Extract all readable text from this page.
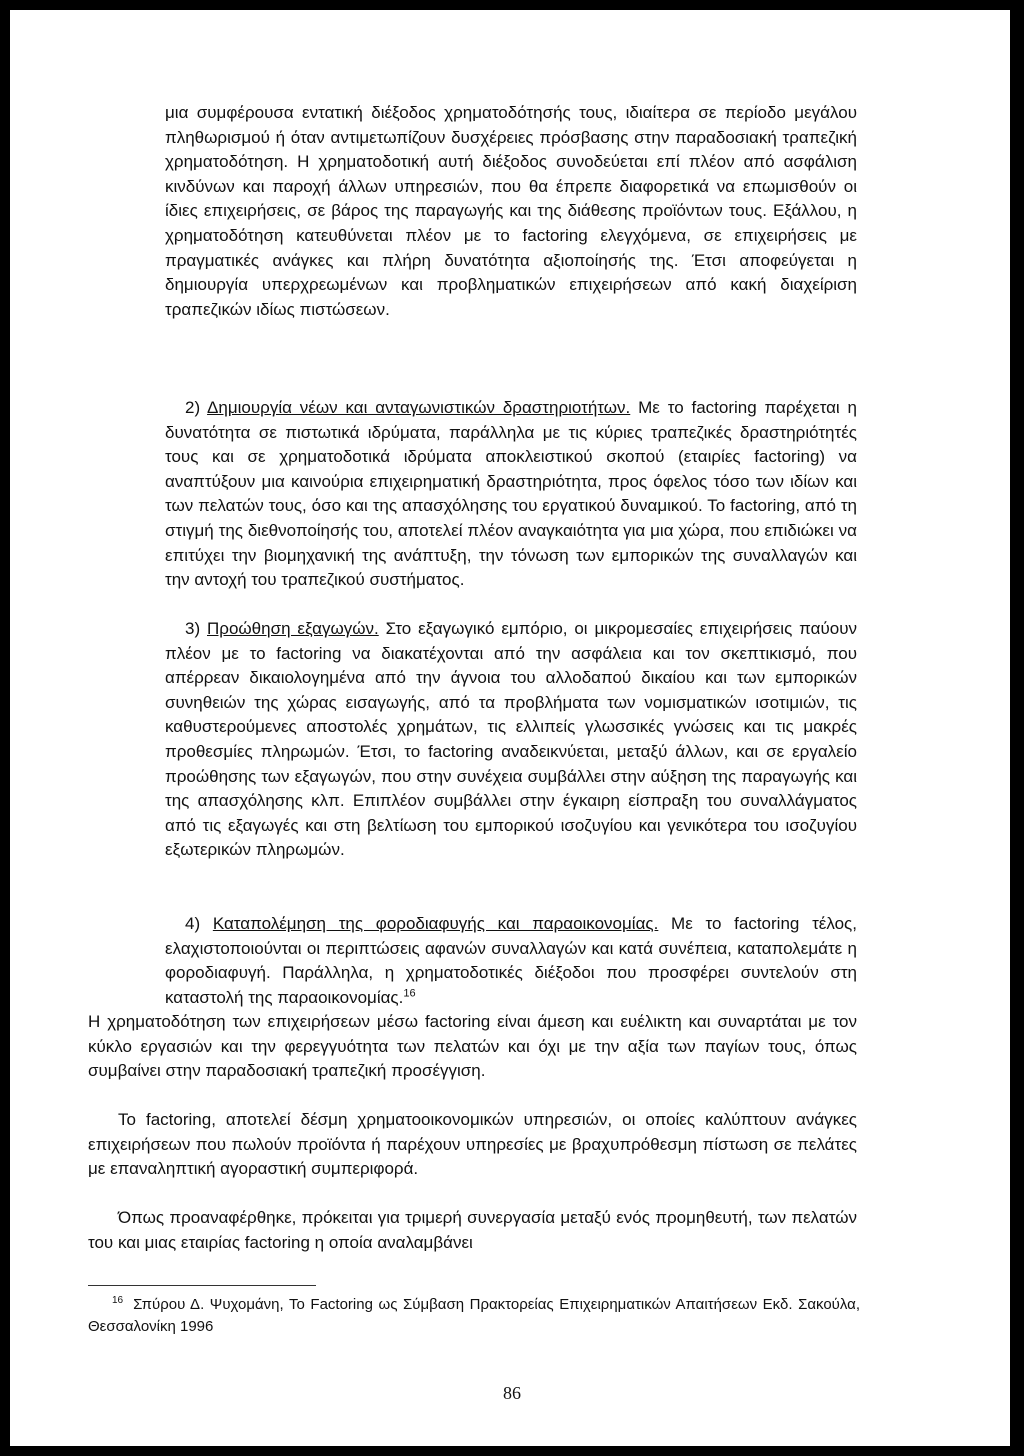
μια συμφέρουσα εντατική διέξοδος χρηματοδότησής τους, ιδιαίτερα σε περίοδο μεγάλου πληθωρισμού ή όταν αντιμετωπίζουν δυσχέρειες πρόσβασης στην παραδοσιακή τραπεζική χρηματοδότηση. Η χρηματοδοτική αυτή διέξοδος συνοδεύεται επί πλέον από ασφάλιση κινδύνων και παροχή άλλων υπηρεσιών, που θα έπρεπε διαφορετικά να επωμισθούν οι ίδιες επιχειρήσεις, σε βάρος της παραγωγής και της διάθεσης προϊόντων τους. Εξάλλου, η χρηματοδότηση κατευθύνεται πλέον με το factoring ελεγχόμενα, σε επιχειρήσεις με πραγματικές ανάγκες και πλήρη δυνατότητα αξιοποίησής της. Έτσι αποφεύγεται η δημιουργία υπερχρεωμένων και προβληματικών επιχειρήσεων από κακή διαχείριση τραπεζικών ιδίως πιστώσεων.
2) Δημιουργία νέων και ανταγωνιστικών δραστηριοτήτων. Με το factoring παρέχεται η δυνατότητα σε πιστωτικά ιδρύματα, παράλληλα με τις κύριες τραπεζικές δραστηριότητές τους και σε χρηματοδοτικά ιδρύματα αποκλειστικού σκοπού (εταιρίες factoring) να αναπτύξουν μια καινούρια επιχειρηματική δραστηριότητα, προς όφελος τόσο των ιδίων και των πελατών τους, όσο και της απασχόλησης του εργατικού δυναμικού. Το factoring, από τη στιγμή της διεθνοποίησής του, αποτελεί πλέον αναγκαιότητα για μια χώρα, που επιδιώκει να επιτύχει την βιομηχανική της ανάπτυξη, την τόνωση των εμπορικών της συναλλαγών και την αντοχή του τραπεζικού συστήματος.
3) Προώθηση εξαγωγών. Στο εξαγωγικό εμπόριο, οι μικρομεσαίες επιχειρήσεις παύουν πλέον με το factoring να διακατέχονται από την ασφάλεια και τον σκεπτικισμό, που απέρρεαν δικαιολογημένα από την άγνοια του αλλοδαπού δικαίου και των εμπορικών συνηθειών της χώρας εισαγωγής, από τα προβλήματα των νομισματικών ισοτιμιών, τις καθυστερούμενες αποστολές χρημάτων, τις ελλιπείς γλωσσικές γνώσεις και τις μακρές προθεσμίες πληρωμών. Έτσι, το factoring αναδεικνύεται, μεταξύ άλλων, και σε εργαλείο προώθησης των εξαγωγών, που στην συνέχεια συμβάλλει στην αύξηση της παραγωγής και της απασχόλησης κλπ. Επιπλέον συμβάλλει στην έγκαιρη είσπραξη του συναλλάγματος από τις εξαγωγές και στη βελτίωση του εμπορικού ισοζυγίου και γενικότερα του ισοζυγίου εξωτερικών πληρωμών.
4) Καταπολέμηση της φοροδιαφυγής και παραοικονομίας. Με το factoring τέλος, ελαχιστοποιούνται οι περιπτώσεις αφανών συναλλαγών και κατά συνέπεια, καταπολεμάτε η φοροδιαφυγή. Παράλληλα, η χρηματοδοτικές διέξοδοι που προσφέρει συντελούν στη καταστολή της παραοικονομίας.$^{16}$
Η χρηματοδότηση των επιχειρήσεων μέσω factoring είναι άμεση και ευέλικτη και συναρτάται με τον κύκλο εργασιών και την φερεγγυότητα των πελατών και όχι με την αξία των παγίων τους, όπως συμβαίνει στην παραδοσιακή τραπεζική προσέγγιση.
Το factoring, αποτελεί δέσμη χρηματοοικονομικών υπηρεσιών, οι οποίες καλύπτουν ανάγκες επιχειρήσεων που πωλούν προϊόντα ή παρέχουν υπηρεσίες με βραχυπρόθεσμη πίστωση σε πελάτες με επαναληπτική αγοραστική συμπεριφορά.
Όπως προαναφέρθηκε, πρόκειται για τριμερή συνεργασία μεταξύ ενός προμηθευτή, των πελατών του και μιας εταιρίας factoring η οποία αναλαμβάνει
$^{16}$ Σπύρου Δ. Ψυχομάνη, Το Factoring ως Σύμβαση Πρακτορείας Επιχειρηματικών Απαιτήσεων Εκδ. Σακούλα, Θεσσαλονίκη 1996
86
